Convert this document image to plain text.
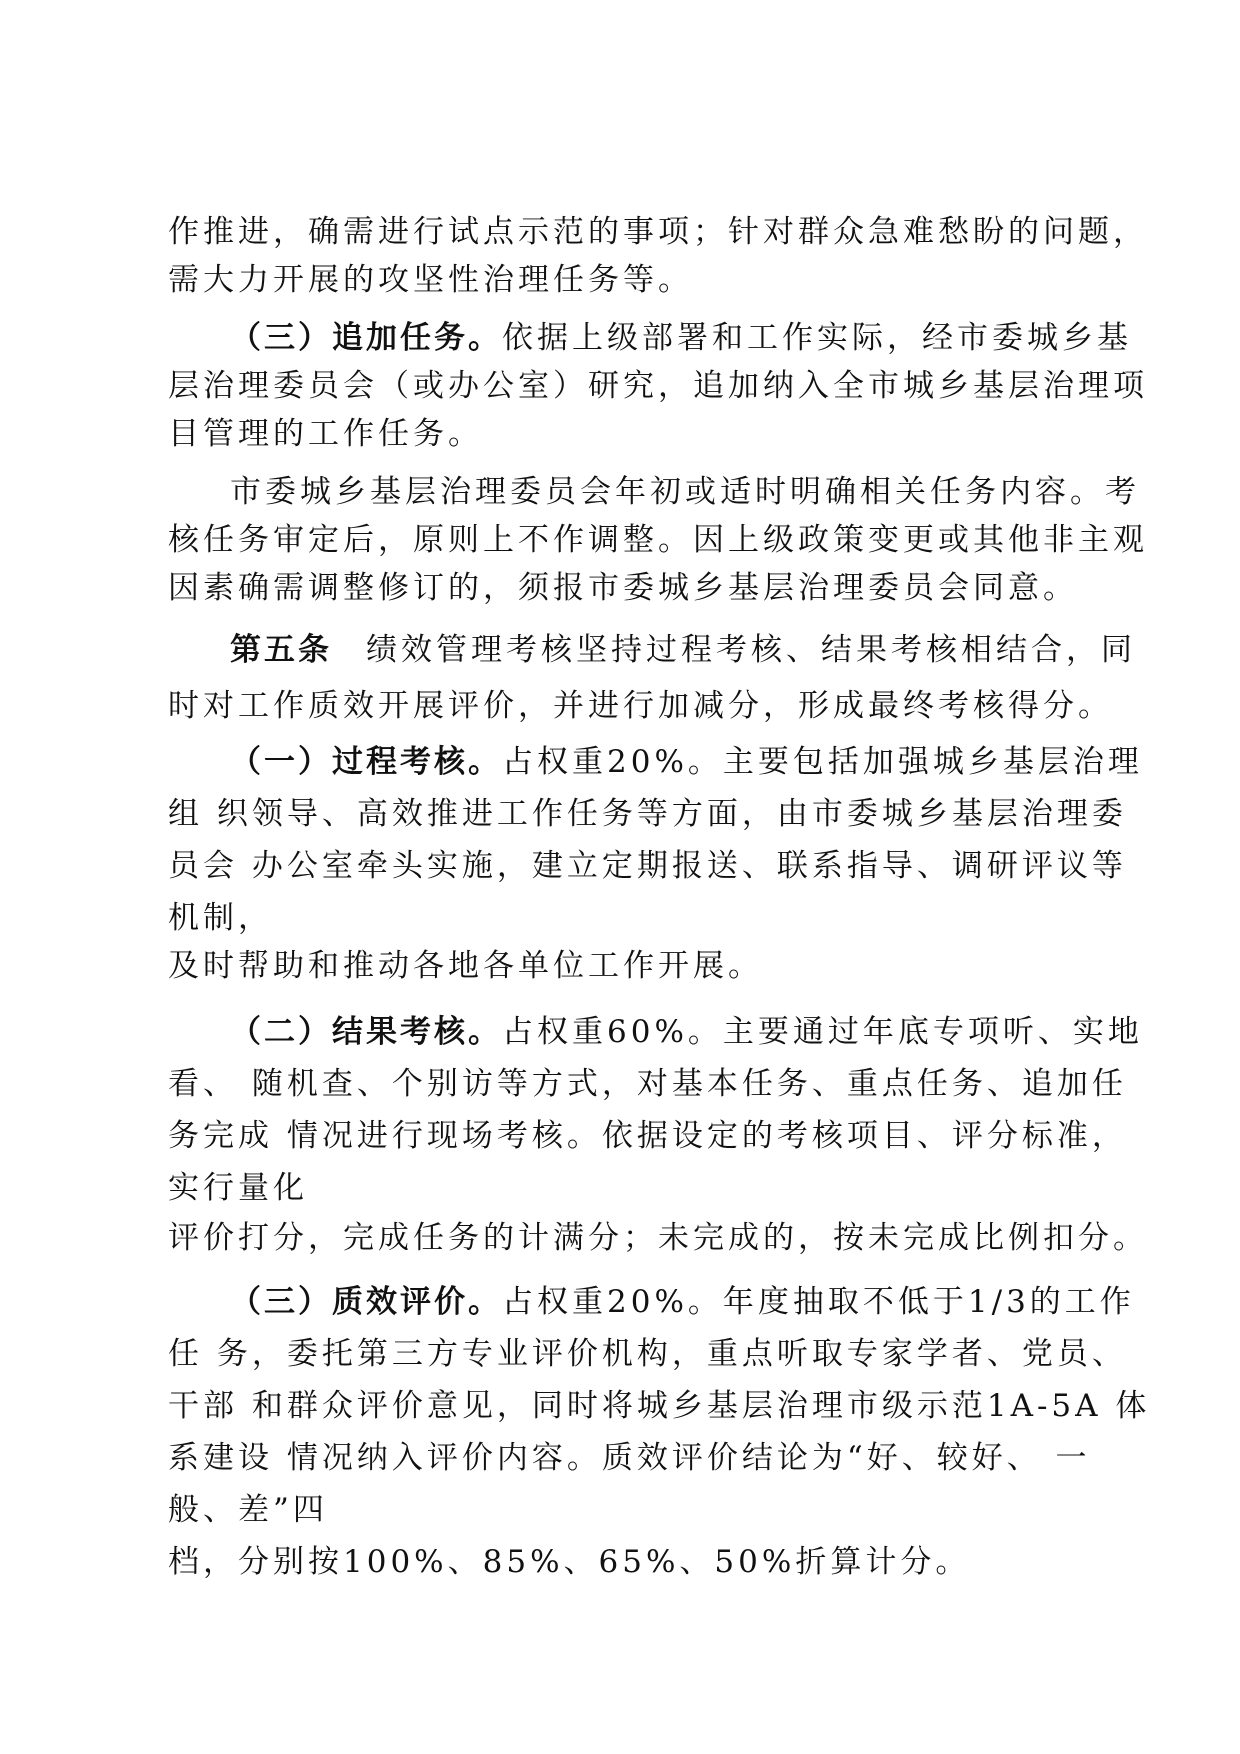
作推进，确需进行试点示范的事项；针对群众急难愁盼的问题，
需大力开展的攻坚性治理任务等。
（三）追加任务。依据上级部署和工作实际，经市委城乡基
层治理委员会（或办公室）研究，追加纳入全市城乡基层治理项
目管理的工作任务。
市委城乡基层治理委员会年初或适时明确相关任务内容。考
核任务审定后，原则上不作调整。因上级政策变更或其他非主观
因素确需调整修订的，须报市委城乡基层治理委员会同意。
第五条 绩效管理考核坚持过程考核、结果考核相结合，同
时对工作质效开展评价，并进行加减分，形成最终考核得分。
（一）过程考核。占权重20%。主要包括加强城乡基层治理
组 织领导、高效推进工作任务等方面，由市委城乡基层治理委
员会 办公室牵头实施，建立定期报送、联系指导、调研评议等
机制，
及时帮助和推动各地各单位工作开展。
（二）结果考核。占权重60%。主要通过年底专项听、实地
看、 随机查、个别访等方式，对基本任务、重点任务、追加任
务完成 情况进行现场考核。依据设定的考核项目、评分标准，
实行量化
评价打分，完成任务的计满分；未完成的，按未完成比例扣分。
（三）质效评价。占权重20%。年度抽取不低于1/3的工作
任 务，委托第三方专业评价机构，重点听取专家学者、党员、
干部 和群众评价意见，同时将城乡基层治理市级示范1A-5A 体
系建设 情况纳入评价内容。质效评价结论为“好、较好、 一
般、差”四
档，分别按100%、85%、65%、50%折算计分。
